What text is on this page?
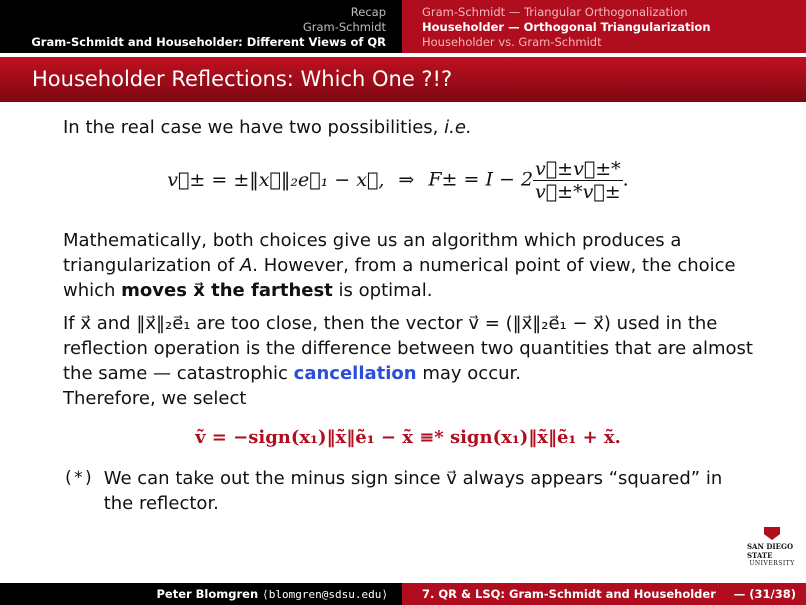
Recap
Gram-Schmidt
Gram-Schmidt and Householder: Different Views of QR
Gram-Schmidt — Triangular Orthogonalization
Householder — Orthogonal Triangularization
Householder vs. Gram-Schmidt
Householder Reflections: Which One ?!?

In the real case we have two possibilities, i.e.

v⃗± = ±‖x⃗‖₂e⃗₁ − x⃗, ⇒ $F\pm = I - 2 \frac{v⃗\pm v⃗\pm*}{v⃗\pm*v⃗\pm}$ .

Mathematically, both choices give us an algorithm which produces a triangularization of A. However, from a numerical point of view, the choice which moves x⃗ the farthest is optimal.

If x⃗ and ‖x⃗‖₂e⃗₁ are too close, then the vector v⃗ = (‖x⃗‖₂e⃗₁ − x⃗) used in the reflection operation is the difference between two quantities that are almost the same — catastrophic cancellation may occur.

Therefore, we select

ṽ = −sign(x₁)‖x̃‖ẽ₁ − x̃ ≡* sign(x₁)‖x̃‖ẽ₁ + x̃.
(*) We can take out the minus sign since v⃗ always appears “squared” in the reflector.
SAN DIEGO STATE
UNIVERSITY
Peter Blomgren ⟨blomgren@sdsu.edu⟩	7. QR & LSQ: Gram-Schmidt and Householder — (31/38)
